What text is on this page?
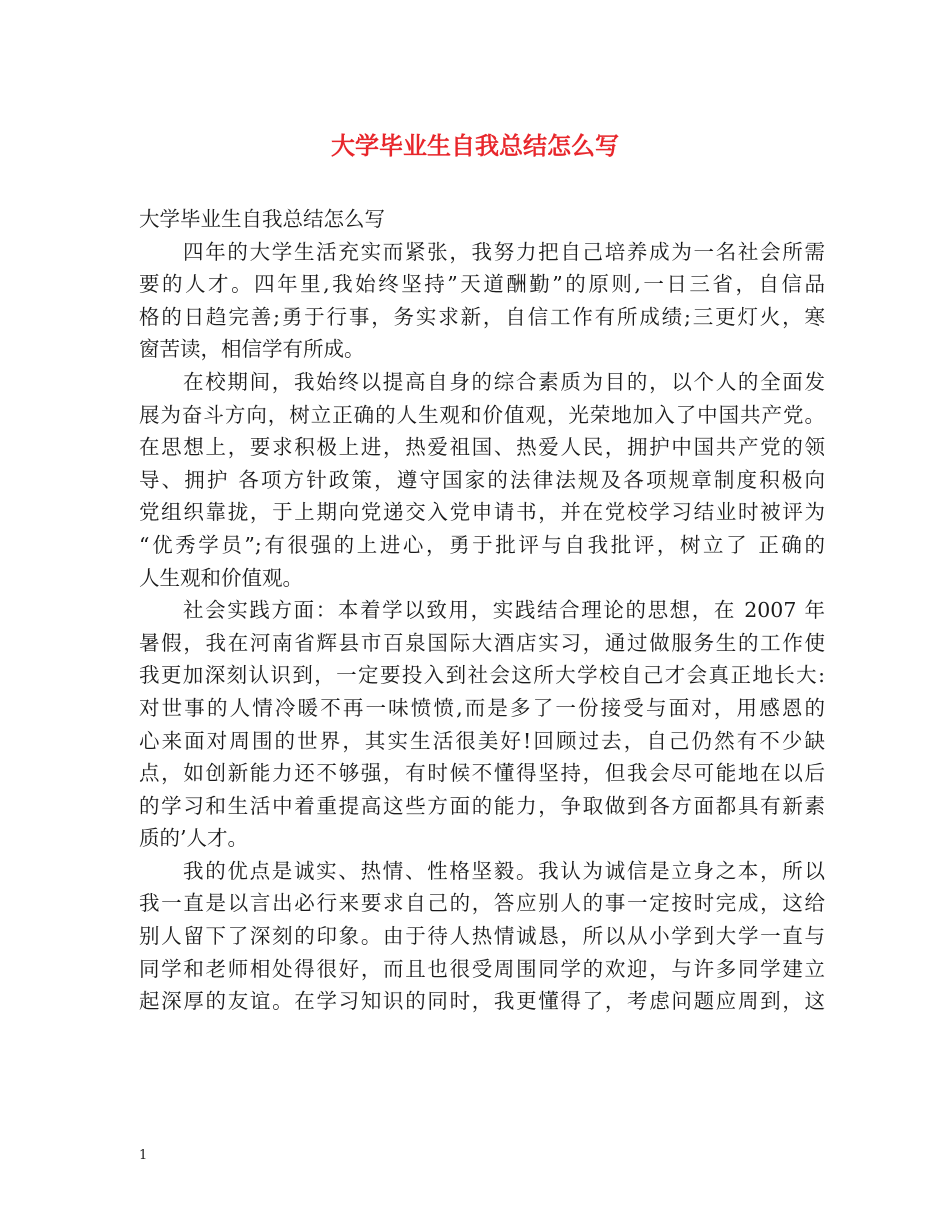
大学毕业生自我总结怎么写
大学毕业生自我总结怎么写
四年的大学生活充实而紧张，我努力把自己培养成为一名社会所需
要的人才。四年里,我始终坚持”天道酬勤”的原则,一日三省，自信品
格的日趋完善;勇于行事，务实求新，自信工作有所成绩;三更灯火，寒
窗苦读，相信学有所成。
在校期间，我始终以提高自身的综合素质为目的，以个人的全面发
展为奋斗方向，树立正确的人生观和价值观，光荣地加入了中国共产党。
在思想上，要求积极上进，热爱祖国、热爱人民，拥护中国共产党的领
导、拥护 各项方针政策，遵守国家的法律法规及各项规章制度积极向
党组织靠拢，于上期向党递交入党申请书，并在党校学习结业时被评为
“优秀学员”;有很强的上进心，勇于批评与自我批评，树立了 正确的
人生观和价值观。
社会实践方面：本着学以致用，实践结合理论的思想，在 2007 年
暑假，我在河南省辉县市百泉国际大酒店实习，通过做服务生的工作使
我更加深刻认识到，一定要投入到社会这所大学校自己才会真正地长大:
对世事的人情冷暖不再一味愤愤,而是多了一份接受与面对，用感恩的
心来面对周围的世界，其实生活很美好!回顾过去，自己仍然有不少缺
点，如创新能力还不够强，有时候不懂得坚持，但我会尽可能地在以后
的学习和生活中着重提高这些方面的能力，争取做到各方面都具有新素
质的’人才。
我的优点是诚实、热情、性格坚毅。我认为诚信是立身之本，所以
我一直是以言出必行来要求自己的，答应别人的事一定按时完成，这给
别人留下了深刻的印象。由于待人热情诚恳，所以从小学到大学一直与
同学和老师相处得很好，而且也很受周围同学的欢迎，与许多同学建立
起深厚的友谊。在学习知识的同时，我更懂得了，考虑问题应周到，这
1
